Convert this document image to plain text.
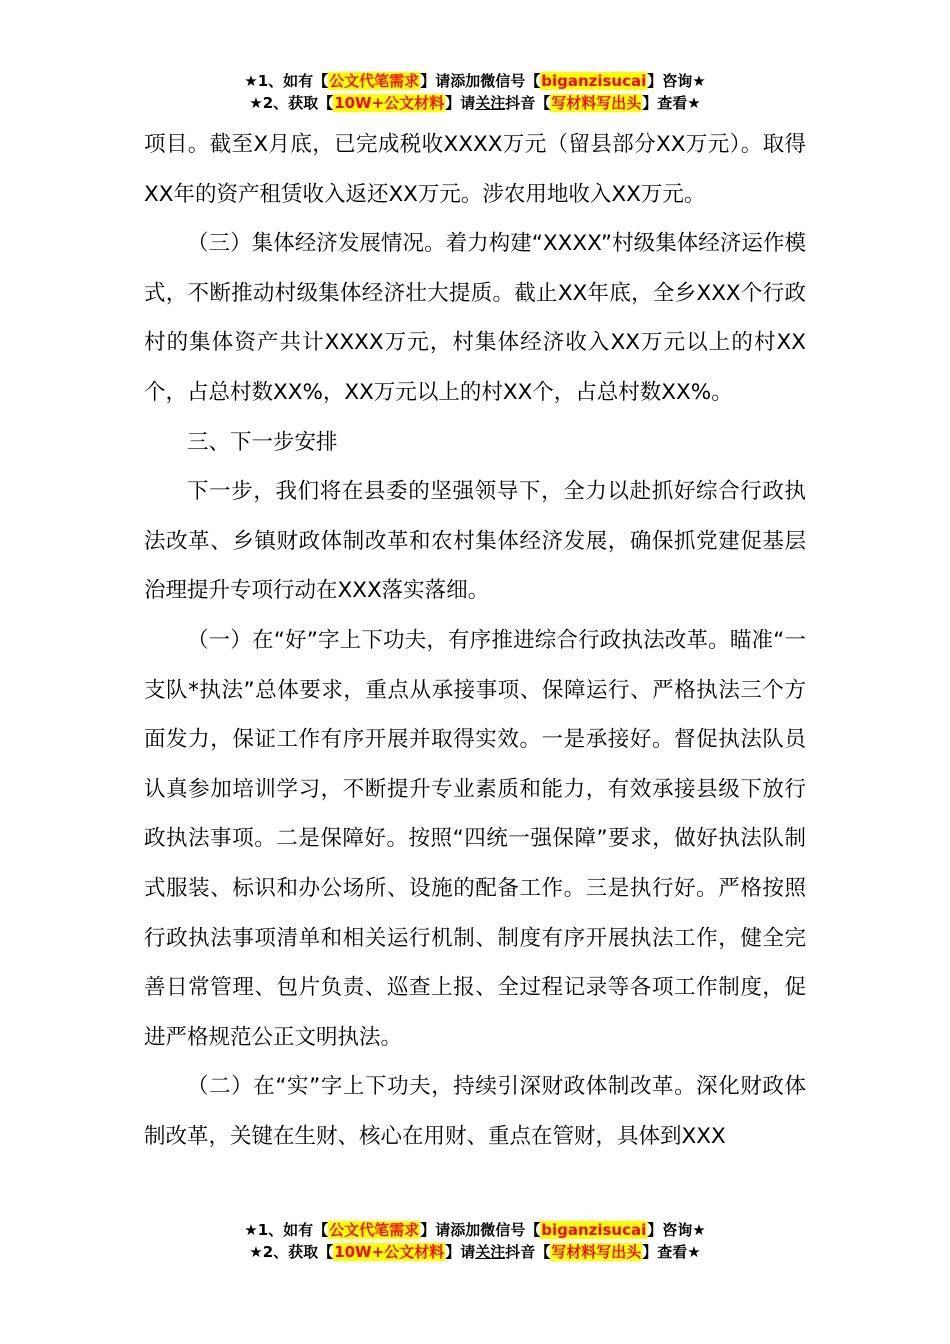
★1、如有【公文代笔需求】请添加微信号【biganzisucai】咨询★
★2、获取【10W+公文材料】请关注抖音【写材料写出头】查看★

项目。截至X月底，已完成税收XXXX万元（留县部分XX万元）。取得XX年的资产租赁收入返还XX万元。涉农用地收入XX万元。

（三）集体经济发展情况。着力构建“XXXX”村级集体经济运作模式，不断推动村级集体经济壮大提质。截止XX年底，全乡XXX个行政村的集体资产共计XXXX万元，村集体经济收入XX万元以上的村XX个，占总村数XX%，XX万元以上的村XX个，占总村数XX%。

三、下一步安排

下一步，我们将在县委的坚强领导下，全力以赴抓好综合行政执法改革、乡镇财政体制改革和农村集体经济发展，确保抓党建促基层治理提升专项行动在XXX落实落细。

（一）在“好”字上下功夫，有序推进综合行政执法改革。瞄准“一支队*执法”总体要求，重点从承接事项、保障运行、严格执法三个方面发力，保证工作有序开展并取得实效。一是承接好。督促执法队员认真参加培训学习，不断提升专业素质和能力，有效承接县级下放行政执法事项。二是保障好。按照“四统一强保障”要求，做好执法队制式服装、标识和办公场所、设施的配备工作。三是执行好。严格按照行政执法事项清单和相关运行机制、制度有序开展执法工作，健全完善日常管理、包片负责、巡查上报、全过程记录等各项工作制度，促进严格规范公正文明执法。

（二）在“实”字上下功夫，持续引深财政体制改革。深化财政体制改革，关键在生财、核心在用财、重点在管财，具体到XXX

★1、如有【公文代笔需求】请添加微信号【biganzisucai】咨询★
★2、获取【10W+公文材料】请关注抖音【写材料写出头】查看★
